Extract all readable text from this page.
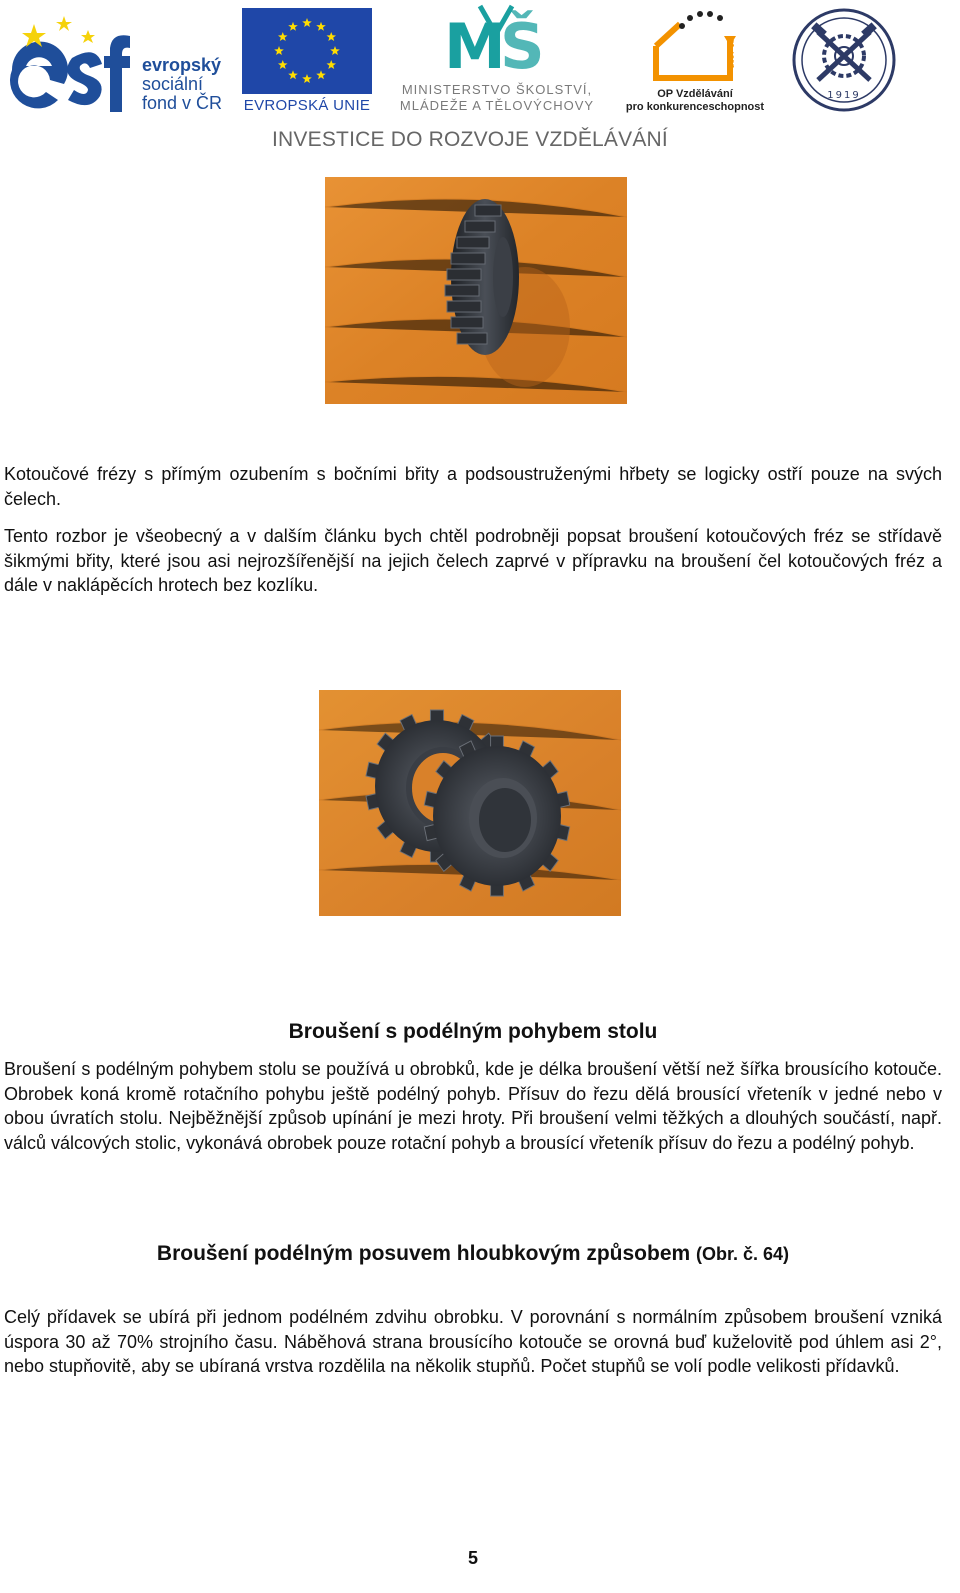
evropský
sociální
fond v ČR EVROPSKÁ UNIE
M
Š
MINISTERSTVO ŠKOLSTVÍ,
MLÁDEŽE A TĚLOVÝCHOVY
2007-13
OP Vzdělávání
pro konkurenceschopnost
1919
INVESTICE DO ROZVOJE VZDĚLÁVÁNÍ

Kotoučové frézy s přímým ozubením s bočními břity a podsoustruženými hřbety se logicky ostří pouze na svých čelech.

Tento rozbor je všeobecný a v dalším článku bych chtěl podrobněji popsat broušení kotoučových fréz se střídavě šikmými břity, které jsou asi nejrozšířenější na jejich čelech zaprvé v přípravku na broušení čel kotoučových fréz a dále v naklápěcích hrotech bez kozlíku.

Broušení s podélným pohybem stolu

Broušení s podélným pohybem stolu se používá u obrobků, kde je délka broušení větší než šířka brousícího kotouče. Obrobek koná kromě rotačního pohybu ještě podélný pohyb. Přísuv do řezu dělá brousící vřeteník v jedné nebo v obou úvratích stolu. Nejběžnější způsob upínání je mezi hroty. Při broušení velmi těžkých a dlouhých součástí, např. válců válcových stolic, vykonává obrobek pouze rotační pohyb a brousící vřeteník přísuv do řezu a podélný pohyb.

Broušení podélným posuvem hloubkovým způsobem (Obr. č. 64)

Celý přídavek se ubírá při jednom podélném zdvihu obrobku. V porovnání s normálním způsobem broušení vzniká úspora 30 až 70% strojního času. Náběhová strana brousícího kotouče se orovná buď kuželovitě pod úhlem asi 2°, nebo stupňovitě, aby se ubíraná vrstva rozdělila na několik stupňů. Počet stupňů se volí podle velikosti přídavků.

5
